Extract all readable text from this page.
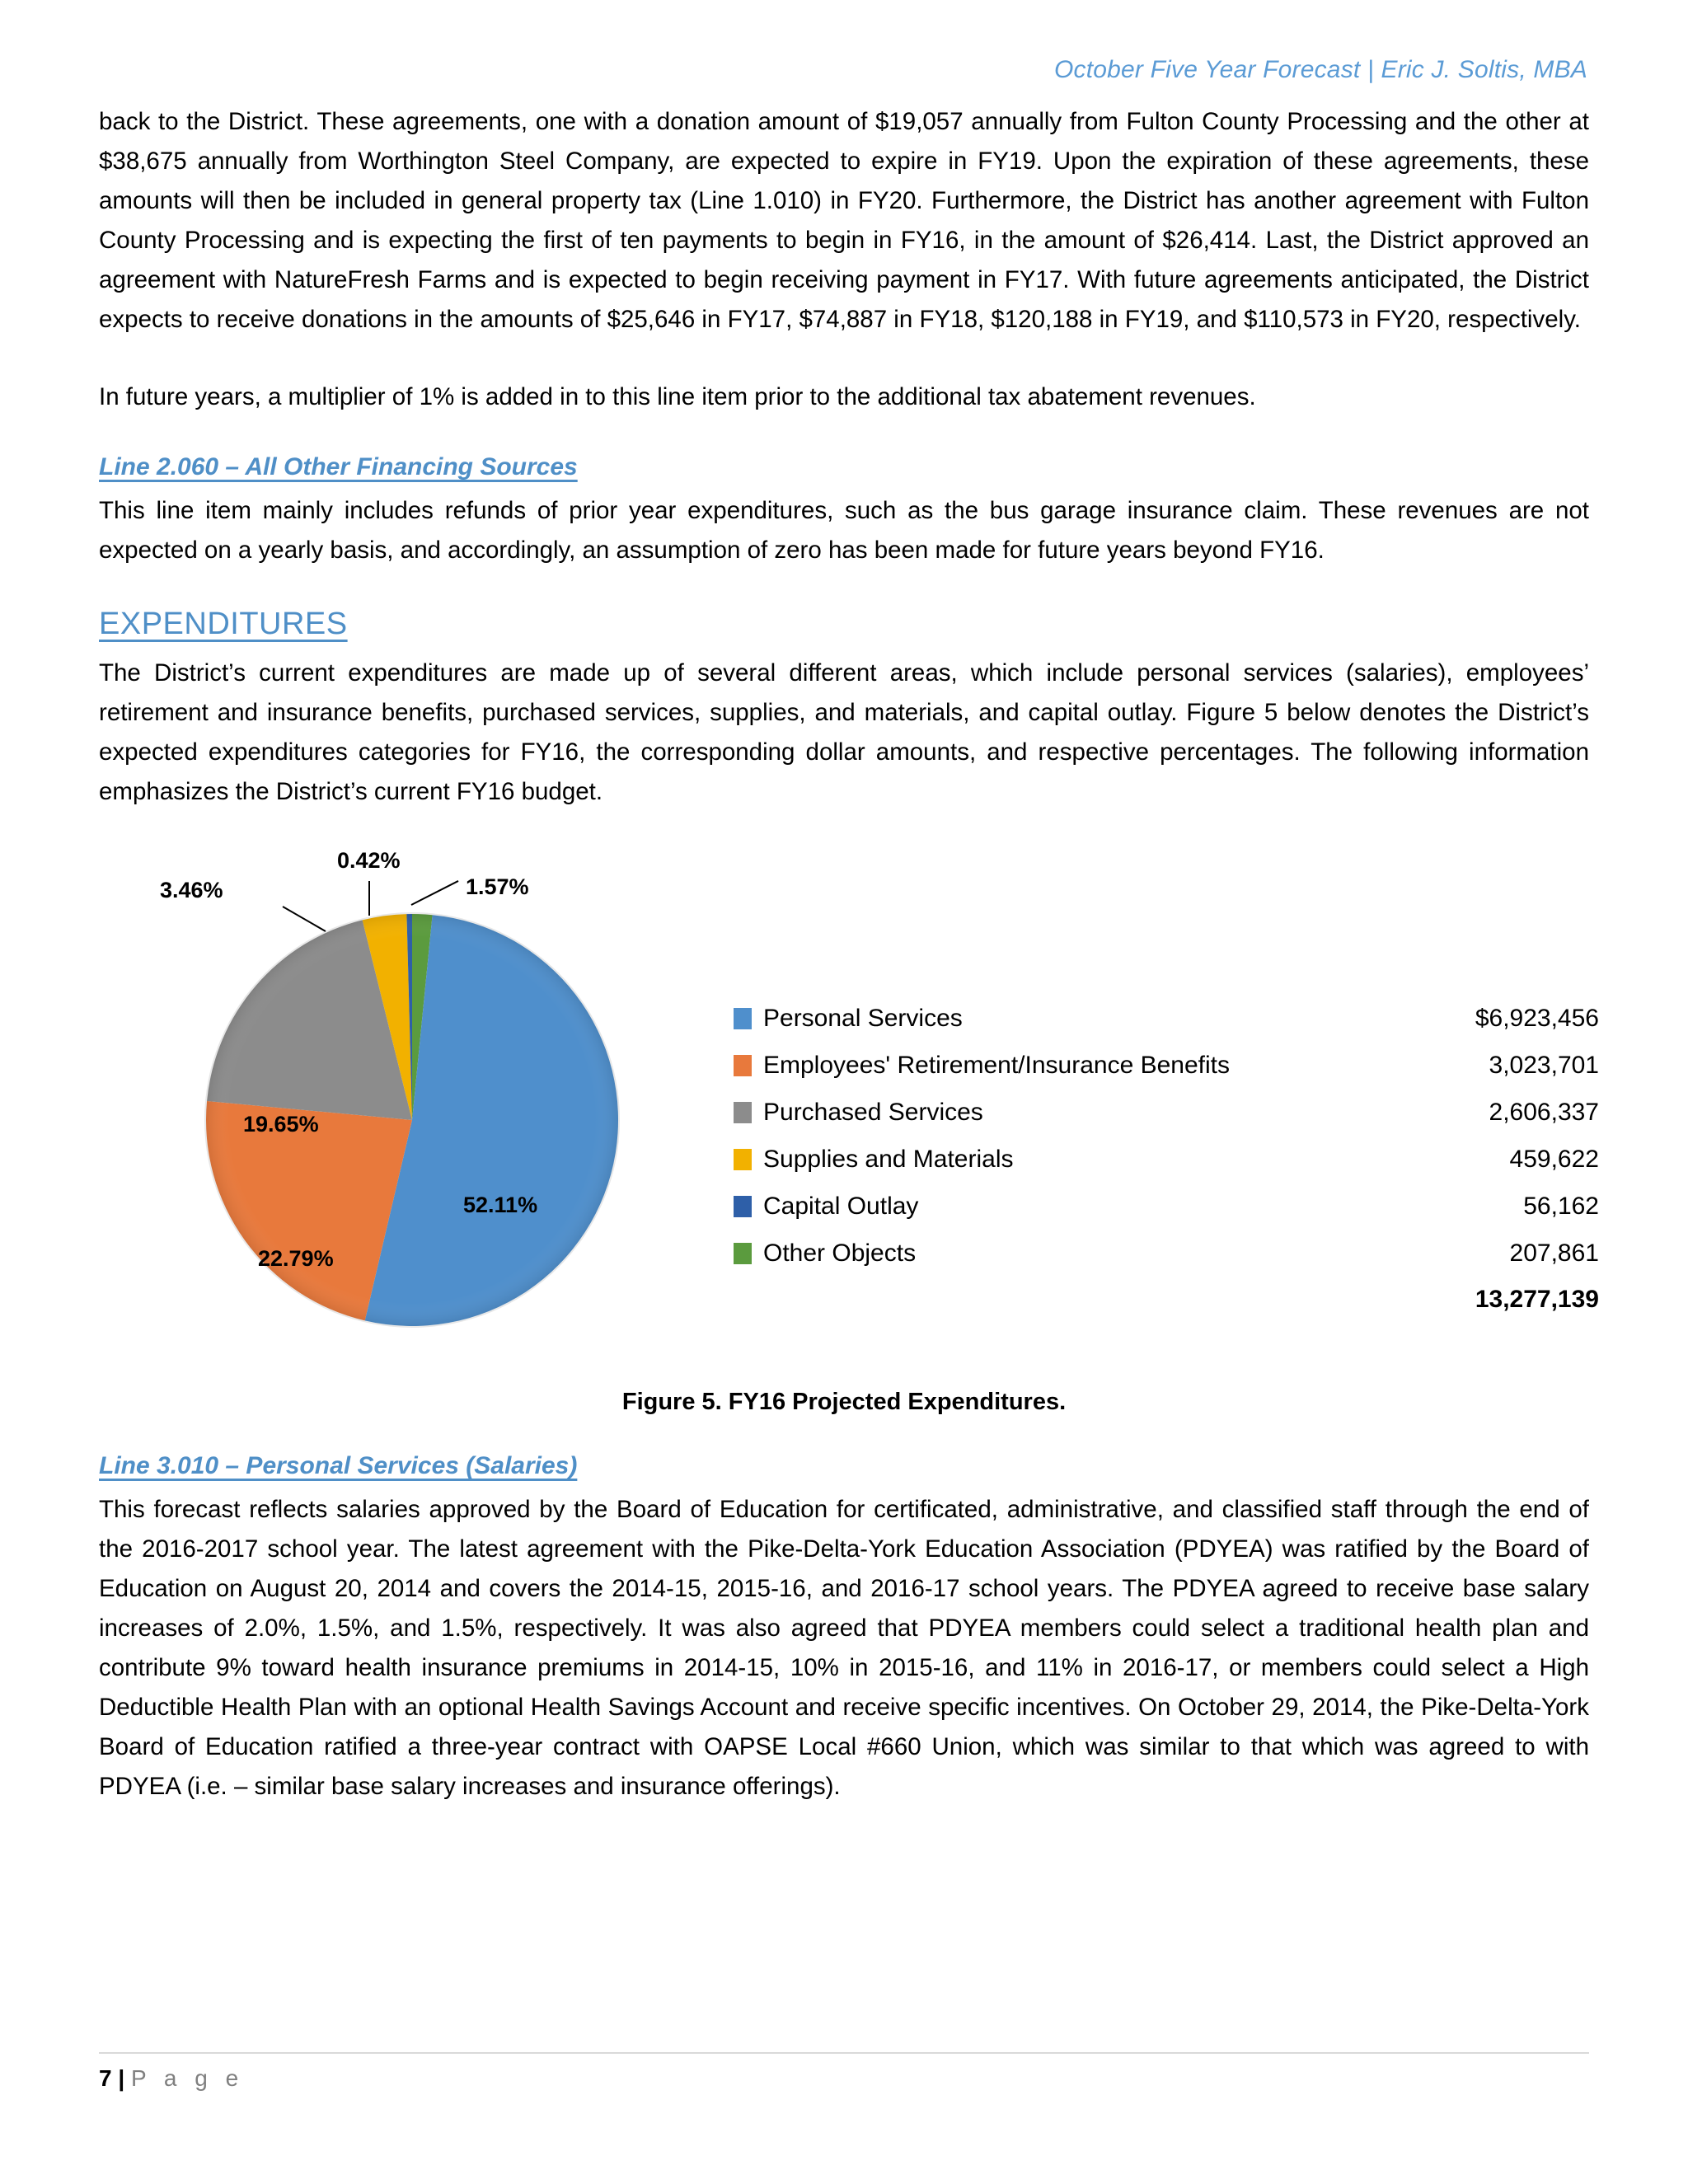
October Five Year Forecast | Eric J. Soltis, MBA

back to the District. These agreements, one with a donation amount of $19,057 annually from Fulton County Processing and the other at $38,675 annually from Worthington Steel Company, are expected to expire in FY19. Upon the expiration of these agreements, these amounts will then be included in general property tax (Line 1.010) in FY20. Furthermore, the District has another agreement with Fulton County Processing and is expecting the first of ten payments to begin in FY16, in the amount of $26,414. Last, the District approved an agreement with NatureFresh Farms and is expected to begin receiving payment in FY17. With future agreements anticipated, the District expects to receive donations in the amounts of $25,646 in FY17, $74,887 in FY18, $120,188 in FY19, and $110,573 in FY20, respectively.

In future years, a multiplier of 1% is added in to this line item prior to the additional tax abatement revenues.

Line 2.060 – All Other Financing Sources

This line item mainly includes refunds of prior year expenditures, such as the bus garage insurance claim. These revenues are not expected on a yearly basis, and accordingly, an assumption of zero has been made for future years beyond FY16.

EXPENDITURES

The District’s current expenditures are made up of several different areas, which include personal services (salaries), employees’ retirement and insurance benefits, purchased services, supplies, and materials, and capital outlay. Figure 5 below denotes the District’s expected expenditures categories for FY16, the corresponding dollar amounts, and respective percentages. The following information emphasizes the District’s current FY16 budget.

3.46%
0.42%
1.57%
19.65%
22.79%
52.11%
Personal Services	$6,923,456
Employees' Retirement/Insurance Benefits	3,023,701
Purchased Services	2,606,337
Supplies and Materials	459,622
Capital Outlay	56,162
Other Objects	207,861
13,277,139
Figure 5. FY16 Projected Expenditures.
Line 3.010 – Personal Services (Salaries)

This forecast reflects salaries approved by the Board of Education for certificated, administrative, and classified staff through the end of the 2016-2017 school year. The latest agreement with the Pike-Delta-York Education Association (PDYEA) was ratified by the Board of Education on August 20, 2014 and covers the 2014-15, 2015-16, and 2016-17 school years. The PDYEA agreed to receive base salary increases of 2.0%, 1.5%, and 1.5%, respectively. It was also agreed that PDYEA members could select a traditional health plan and contribute 9% toward health insurance premiums in 2014-15, 10% in 2015-16, and 11% in 2016-17, or members could select a High Deductible Health Plan with an optional Health Savings Account and receive specific incentives. On October 29, 2014, the Pike-Delta-York Board of Education ratified a three-year contract with OAPSE Local #660 Union, which was similar to that which was agreed to with PDYEA (i.e. – similar base salary increases and insurance offerings).

7 | P a g e
